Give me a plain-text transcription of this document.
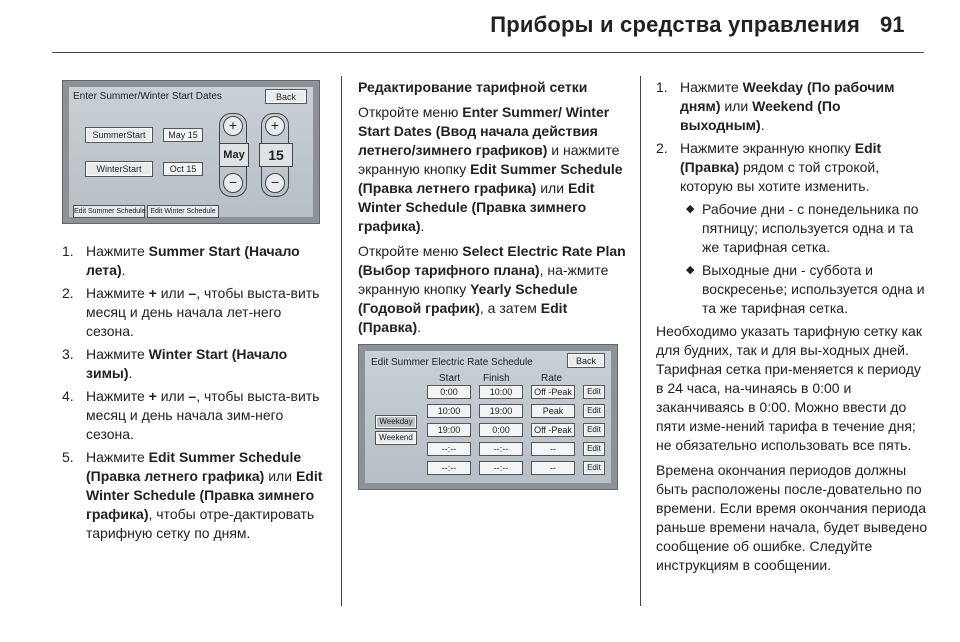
Приборы и средства управления 91
Enter Summer/Winter Start Dates	Back
SummerStart	May 15
WinterStart	Oct 15
+
May
−
+
15
−
Edit Summer Schedule Edit Winter Schedule
1. Нажмите Summer Start (Начало лета).
2. Нажмите + или –, чтобы выста-вить месяц и день начала лет-него сезона.
3. Нажмите Winter Start (Начало зимы).
4. Нажмите + или –, чтобы выста-вить месяц и день начала зим-него сезона.
5. Нажмите Edit Summer Schedule (Правка летнего графика) или Edit Winter Schedule (Правка зимнего графика), чтобы отре-дактировать тарифную сетку по дням.

Редактирование тарифной сетки

Откройте меню Enter Summer/ Winter Start Dates (Ввод начала действия летнего/зимнего графиков) и нажмите экранную кнопку Edit Summer Schedule (Правка летнего графика) или Edit Winter Schedule (Правка зимнего графика).

Откройте меню Select Electric Rate Plan (Выбор тарифного плана), на-жмите экранную кнопку Yearly Schedule (Годовой график), а затем Edit (Правка).

Edit Summer Electric Rate Schedule	Back
Start Finish	Rate
Weekday
Weekend
0:00	10:00	Off -Peak	Edit
10:00	19:00	Peak	Edit
19:00	0:00	Off -Peak	Edit
--:--	--:--	--	Edit
--:--	--:--	--	Edit
1. Нажмите Weekday (По рабочим дням) или Weekend (По выходным).
2. Нажмите экранную кнопку Edit (Правка) рядом с той строкой, которую вы хотите изменить.
◆ Рабочие дни - с понедельника по пятницу; используется одна и та же тарифная сетка.
◆ Выходные дни - суббота и воскресенье; используется одна и та же тарифная сетка.

Необходимо указать тарифную сетку как для будних, так и для вы-ходных дней. Тарифная сетка при-меняется к периоду в 24 часа, на-чинаясь в 0:00 и заканчиваясь в 0:00. Можно ввести до пяти изме-нений тарифа в течение дня; не обязательно использовать все пять.

Времена окончания периодов должны быть расположены после-довательно по времени. Если время окончания периода раньше времени начала, будет выведено сообщение об ошибке. Следуйте инструкциям в сообщении.
